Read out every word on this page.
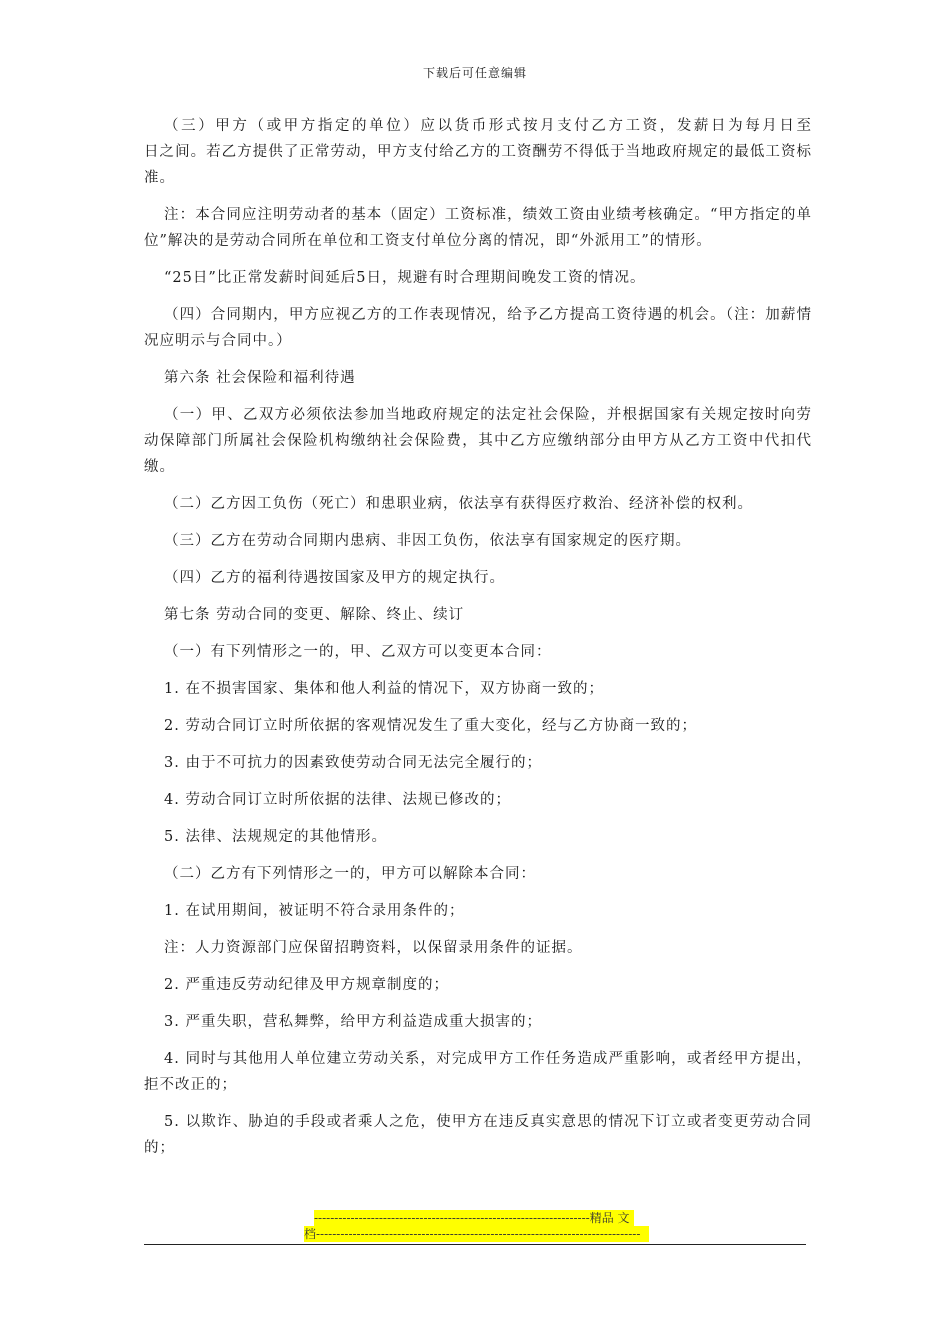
下载后可任意编辑

（三）甲方（或甲方指定的单位）应以货币形式按月支付乙方工资，发薪日为每月日至　　　日之间。若乙方提供了正常劳动，甲方支付给乙方的工资酬劳不得低于当地政府规定的最低工资标准。

注：本合同应注明劳动者的基本（固定）工资标准，绩效工资由业绩考核确定。“甲方指定的单位”解决的是劳动合同所在单位和工资支付单位分离的情况，即“外派用工”的情形。

“25日”比正常发薪时间延后5日，规避有时合理期间晚发工资的情况。

（四）合同期内，甲方应视乙方的工作表现情况，给予乙方提高工资待遇的机会。（注：加薪情况应明示与合同中。）

第六条 社会保险和福利待遇

（一）甲、乙双方必须依法参加当地政府规定的法定社会保险，并根据国家有关规定按时向劳动保障部门所属社会保险机构缴纳社会保险费，其中乙方应缴纳部分由甲方从乙方工资中代扣代缴。

（二）乙方因工负伤（死亡）和患职业病，依法享有获得医疗救治、经济补偿的权利。

（三）乙方在劳动合同期内患病、非因工负伤，依法享有国家规定的医疗期。

（四）乙方的福利待遇按国家及甲方的规定执行。

第七条 劳动合同的变更、解除、终止、续订

（一）有下列情形之一的，甲、乙双方可以变更本合同：

1. 在不损害国家、集体和他人利益的情况下，双方协商一致的；

2. 劳动合同订立时所依据的客观情况发生了重大变化，经与乙方协商一致的；

3. 由于不可抗力的因素致使劳动合同无法完全履行的；

4. 劳动合同订立时所依据的法律、法规已修改的；

5. 法律、法规规定的其他情形。

（二）乙方有下列情形之一的，甲方可以解除本合同：

1. 在试用期间，被证明不符合录用条件的；

注：人力资源部门应保留招聘资料，以保留录用条件的证据。

2. 严重违反劳动纪律及甲方规章制度的；

3. 严重失职，营私舞弊，给甲方利益造成重大损害的；

4. 同时与其他用人单位建立劳动关系，对完成甲方工作任务造成严重影响，或者经甲方提出，拒不改正的；

5. 以欺诈、胁迫的手段或者乘人之危，使甲方在违反真实意思的情况下订立或者变更劳动合同的；

--------------------------------------------------------------------精品 文
档--------------------------------------------------------------------------------
